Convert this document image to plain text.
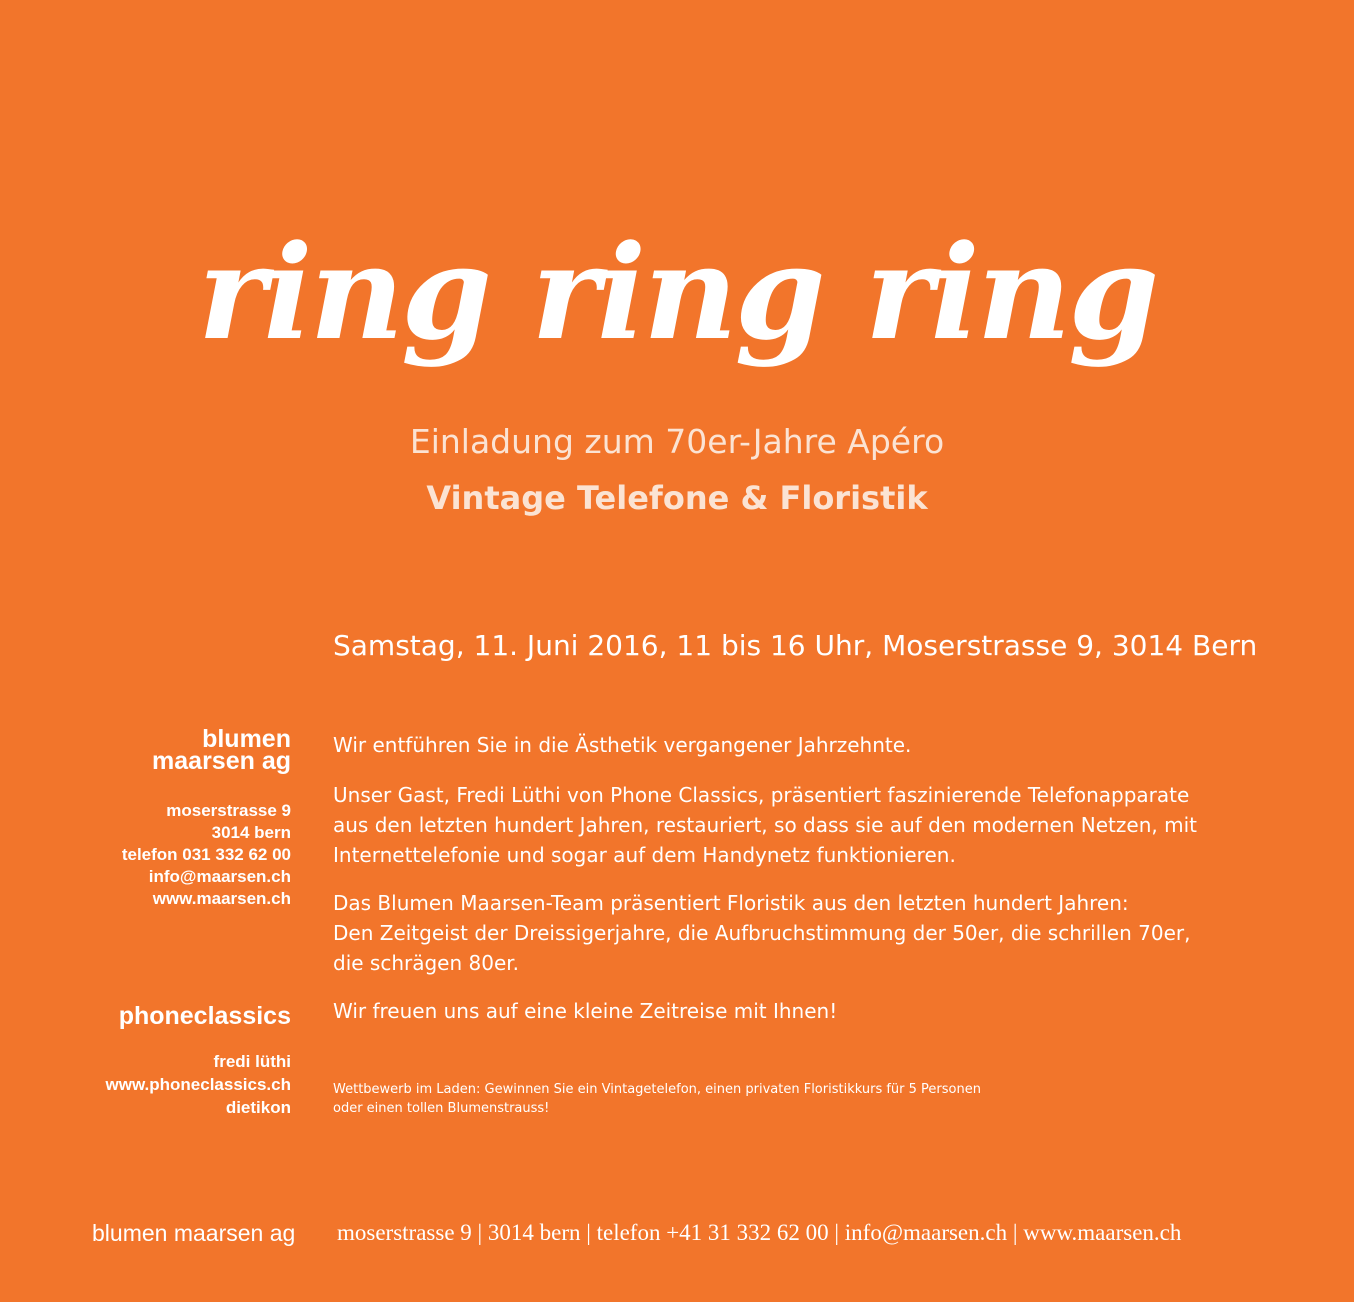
ring ring ring
Einladung zum 70er-Jahre Apéro
Vintage Telefone & Floristik
Samstag, 11. Juni 2016, 11 bis 16 Uhr, Moserstrasse 9, 3014 Bern
blumen
maarsen ag
moserstrasse 9
3014 bern
telefon 031 332 62 00
info@maarsen.ch
www.maarsen.ch
phoneclassics
fredi lüthi
www.phoneclassics.ch
dietikon
Wir entführen Sie in die Ästhetik vergangener Jahrzehnte.
Unser Gast, Fredi Lüthi von Phone Classics, präsentiert faszinierende Telefonapparate
aus den letzten hundert Jahren, restauriert, so dass sie auf den modernen Netzen, mit
Internettelefonie und sogar auf dem Handynetz funktionieren.
Das Blumen Maarsen-Team präsentiert Floristik aus den letzten hundert Jahren:
Den Zeitgeist der Dreissigerjahre, die Aufbruchstimmung der 50er, die schrillen 70er,
die schrägen 80er.
Wir freuen uns auf eine kleine Zeitreise mit Ihnen!
Wettbewerb im Laden: Gewinnen Sie ein Vintagetelefon, einen privaten Floristikkurs für 5 Personen
oder einen tollen Blumenstrauss!
blumen maarsen ag moserstrasse 9 | 3014 bern | telefon +41 31 332 62 00 | info@maarsen.ch | www.maarsen.ch
